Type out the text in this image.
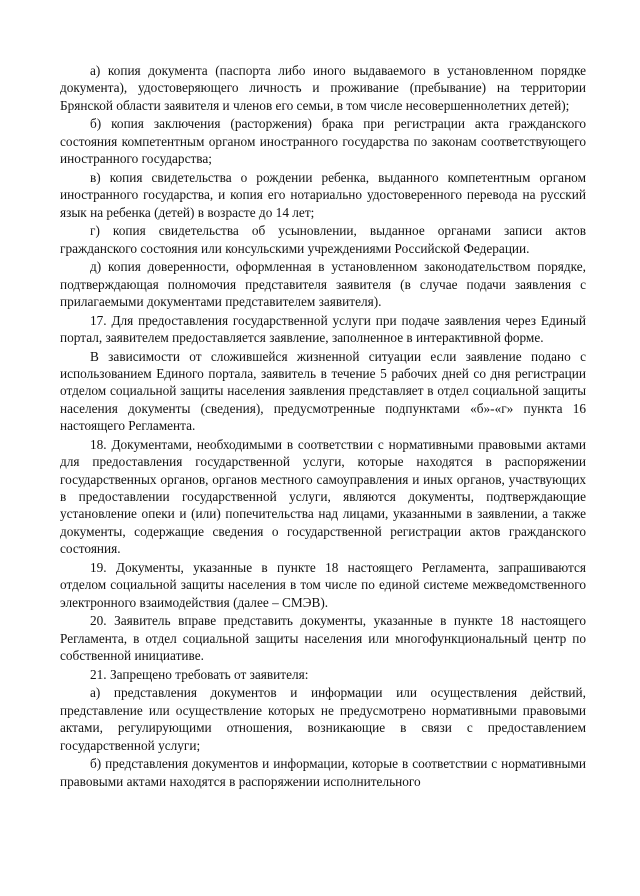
а) копия документа (паспорта либо иного выдаваемого в установленном порядке документа), удостоверяющего личность и проживание (пребывание) на территории Брянской области заявителя и членов его семьи, в том числе несовершеннолетних детей);

б) копия заключения (расторжения) брака при регистрации акта гражданского состояния компетентным органом иностранного государства по законам соответствующего иностранного государства;

в) копия свидетельства о рождении ребенка, выданного компетентным органом иностранного государства, и копия его нотариально удостоверенного перевода на русский язык на ребенка (детей) в возрасте до 14 лет;

г) копия свидетельства об усыновлении, выданное органами записи актов гражданского состояния или консульскими учреждениями Российской Федерации.

д) копия доверенности, оформленная в установленном законодательством порядке, подтверждающая полномочия представителя заявителя (в случае подачи заявления с прилагаемыми документами представителем заявителя).

17. Для предоставления государственной услуги при подаче заявления через Единый портал, заявителем предоставляется заявление, заполненное в интерактивной форме.

В зависимости от сложившейся жизненной ситуации если заявление подано с использованием Единого портала, заявитель в течение 5 рабочих дней со дня регистрации отделом социальной защиты населения заявления представляет в отдел социальной защиты населения документы (сведения), предусмотренные подпунктами «б»-«г» пункта 16 настоящего Регламента.

18. Документами, необходимыми в соответствии с нормативными правовыми актами для предоставления государственной услуги, которые находятся в распоряжении государственных органов, органов местного самоуправления и иных органов, участвующих в предоставлении государственной услуги, являются документы, подтверждающие установление опеки и (или) попечительства над лицами, указанными в заявлении, а также документы, содержащие сведения о государственной регистрации актов гражданского состояния.

19. Документы, указанные в пункте 18 настоящего Регламента, запрашиваются отделом социальной защиты населения в том числе по единой системе межведомственного электронного взаимодействия (далее – СМЭВ).

20. Заявитель вправе представить документы, указанные в пункте 18 настоящего Регламента, в отдел социальной защиты населения или многофункциональный центр по собственной инициативе.

21. Запрещено требовать от заявителя:

а) представления документов и информации или осуществления действий, представление или осуществление которых не предусмотрено нормативными правовыми актами, регулирующими отношения, возникающие в связи с предоставлением государственной услуги;

б) представления документов и информации, которые в соответствии с нормативными правовыми актами находятся в распоряжении исполнительного
